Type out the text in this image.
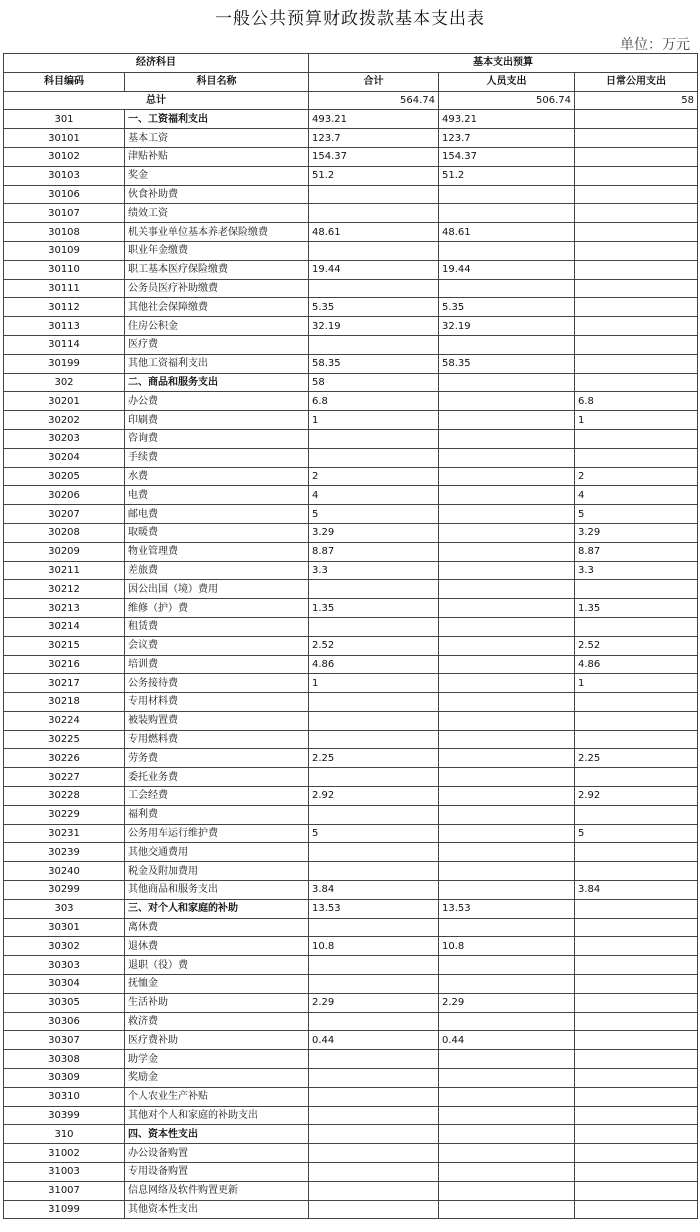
一般公共预算财政拨款基本支出表
单位：万元
经济科目		基本支出预算		
科目编码	科目名称	合计	人员支出	日常公用支出
总计		564.74	506.74	58
301	一、工资福利支出	493.21	493.21	
30101	基本工资	123.7	123.7	
30102	津贴补贴	154.37	154.37	
30103	奖金	51.2	51.2	
30106	伙食补助费			
30107	绩效工资			
30108	机关事业单位基本养老保险缴费	48.61	48.61	
30109	职业年金缴费			
30110	职工基本医疗保险缴费	19.44	19.44	
30111	公务员医疗补助缴费			
30112	其他社会保障缴费	5.35	5.35	
30113	住房公积金	32.19	32.19	
30114	医疗费			
30199	其他工资福利支出	58.35	58.35	
302	二、商品和服务支出	58		
30201	办公费	6.8		6.8
30202	印刷费	1		1
30203	咨询费			
30204	手续费			
30205	水费	2		2
30206	电费	4		4
30207	邮电费	5		5
30208	取暖费	3.29		3.29
30209	物业管理费	8.87		8.87
30211	差旅费	3.3		3.3
30212	因公出国（境）费用			
30213	维修（护）费	1.35		1.35
30214	租赁费			
30215	会议费	2.52		2.52
30216	培训费	4.86		4.86
30217	公务接待费	1		1
30218	专用材料费			
30224	被装购置费			
30225	专用燃料费			
30226	劳务费	2.25		2.25
30227	委托业务费			
30228	工会经费	2.92		2.92
30229	福利费			
30231	公务用车运行维护费	5		5
30239	其他交通费用			
30240	税金及附加费用			
30299	其他商品和服务支出	3.84		3.84
303	三、对个人和家庭的补助	13.53	13.53	
30301	离休费			
30302	退休费	10.8	10.8	
30303	退职（役）费			
30304	抚恤金			
30305	生活补助	2.29	2.29	
30306	救济费			
30307	医疗费补助	0.44	0.44	
30308	助学金			
30309	奖励金			
30310	个人农业生产补贴			
30399	其他对个人和家庭的补助支出			
310	四、资本性支出			
31002	办公设备购置			
31003	专用设备购置			
31007	信息网络及软件购置更新			
31099	其他资本性支出			
